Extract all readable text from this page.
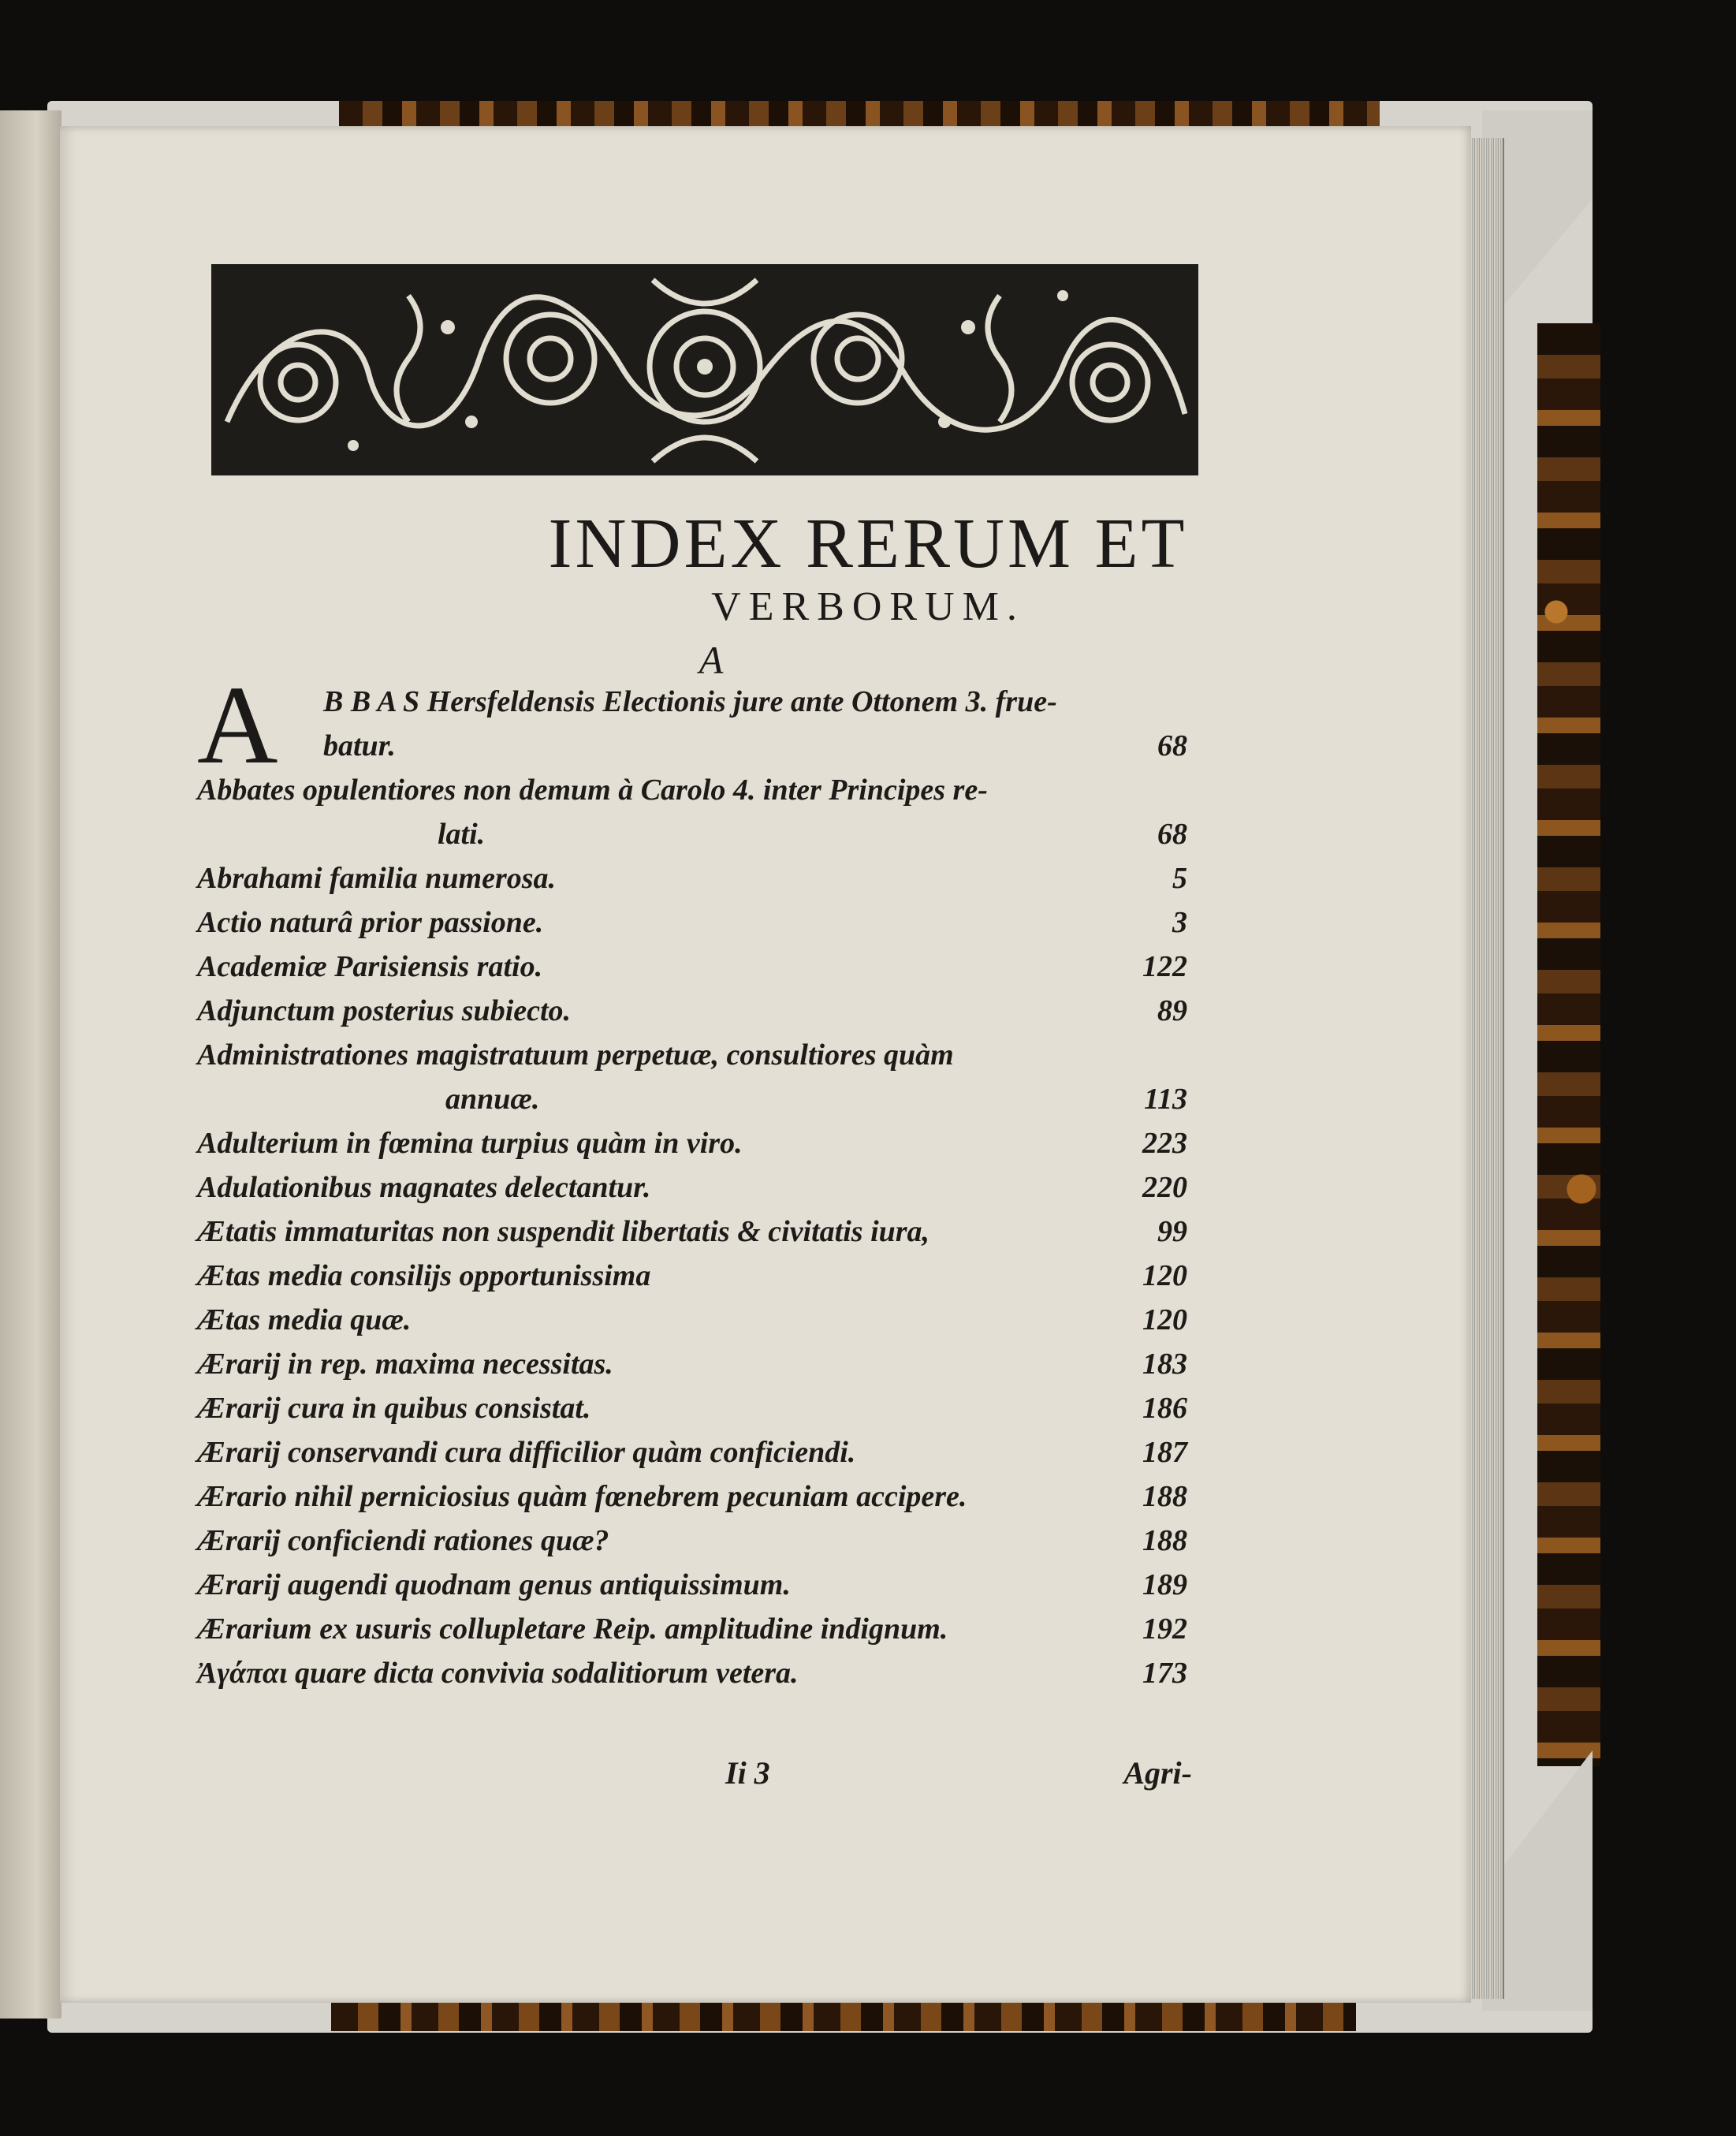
INDEX RERUM ET
VERBORUM.
A
A B B A S Hersfeldensis Electionis jure ante Ottonem 3. frue-
batur.	68
Abbates opulentiores non demum à Carolo 4. inter Principes re-
lati.	68
Abrahami familia numerosa.	5
Actio naturâ prior passione.	3
Academiæ Parisiensis ratio.	122
Adjunctum posterius subiecto.	89
Administrationes magistratuum perpetuæ, consultiores quàm
annuæ.	113
Adulterium in fœmina turpius quàm in viro.	223
Adulationibus magnates delectantur.	220
Ætatis immaturitas non suspendit libertatis & civitatis iura,	99
Ætas media consilijs opportunissima	120
Ætas media quæ.	120
Ærarij in rep. maxima necessitas.	183
Ærarij cura in quibus consistat.	186
Ærarij conservandi cura difficilior quàm conficiendi.	187
Ærario nihil perniciosius quàm fœnebrem pecuniam accipere.	188
Ærarij conficiendi rationes quæ?	188
Ærarij augendi quodnam genus antiquissimum.	189
Ærarium ex usuris collupletare Reip. amplitudine indignum.	192
Ἀγάπαι quare dicta convivia sodalitiorum vetera.	173
Ii 3	Agri-
